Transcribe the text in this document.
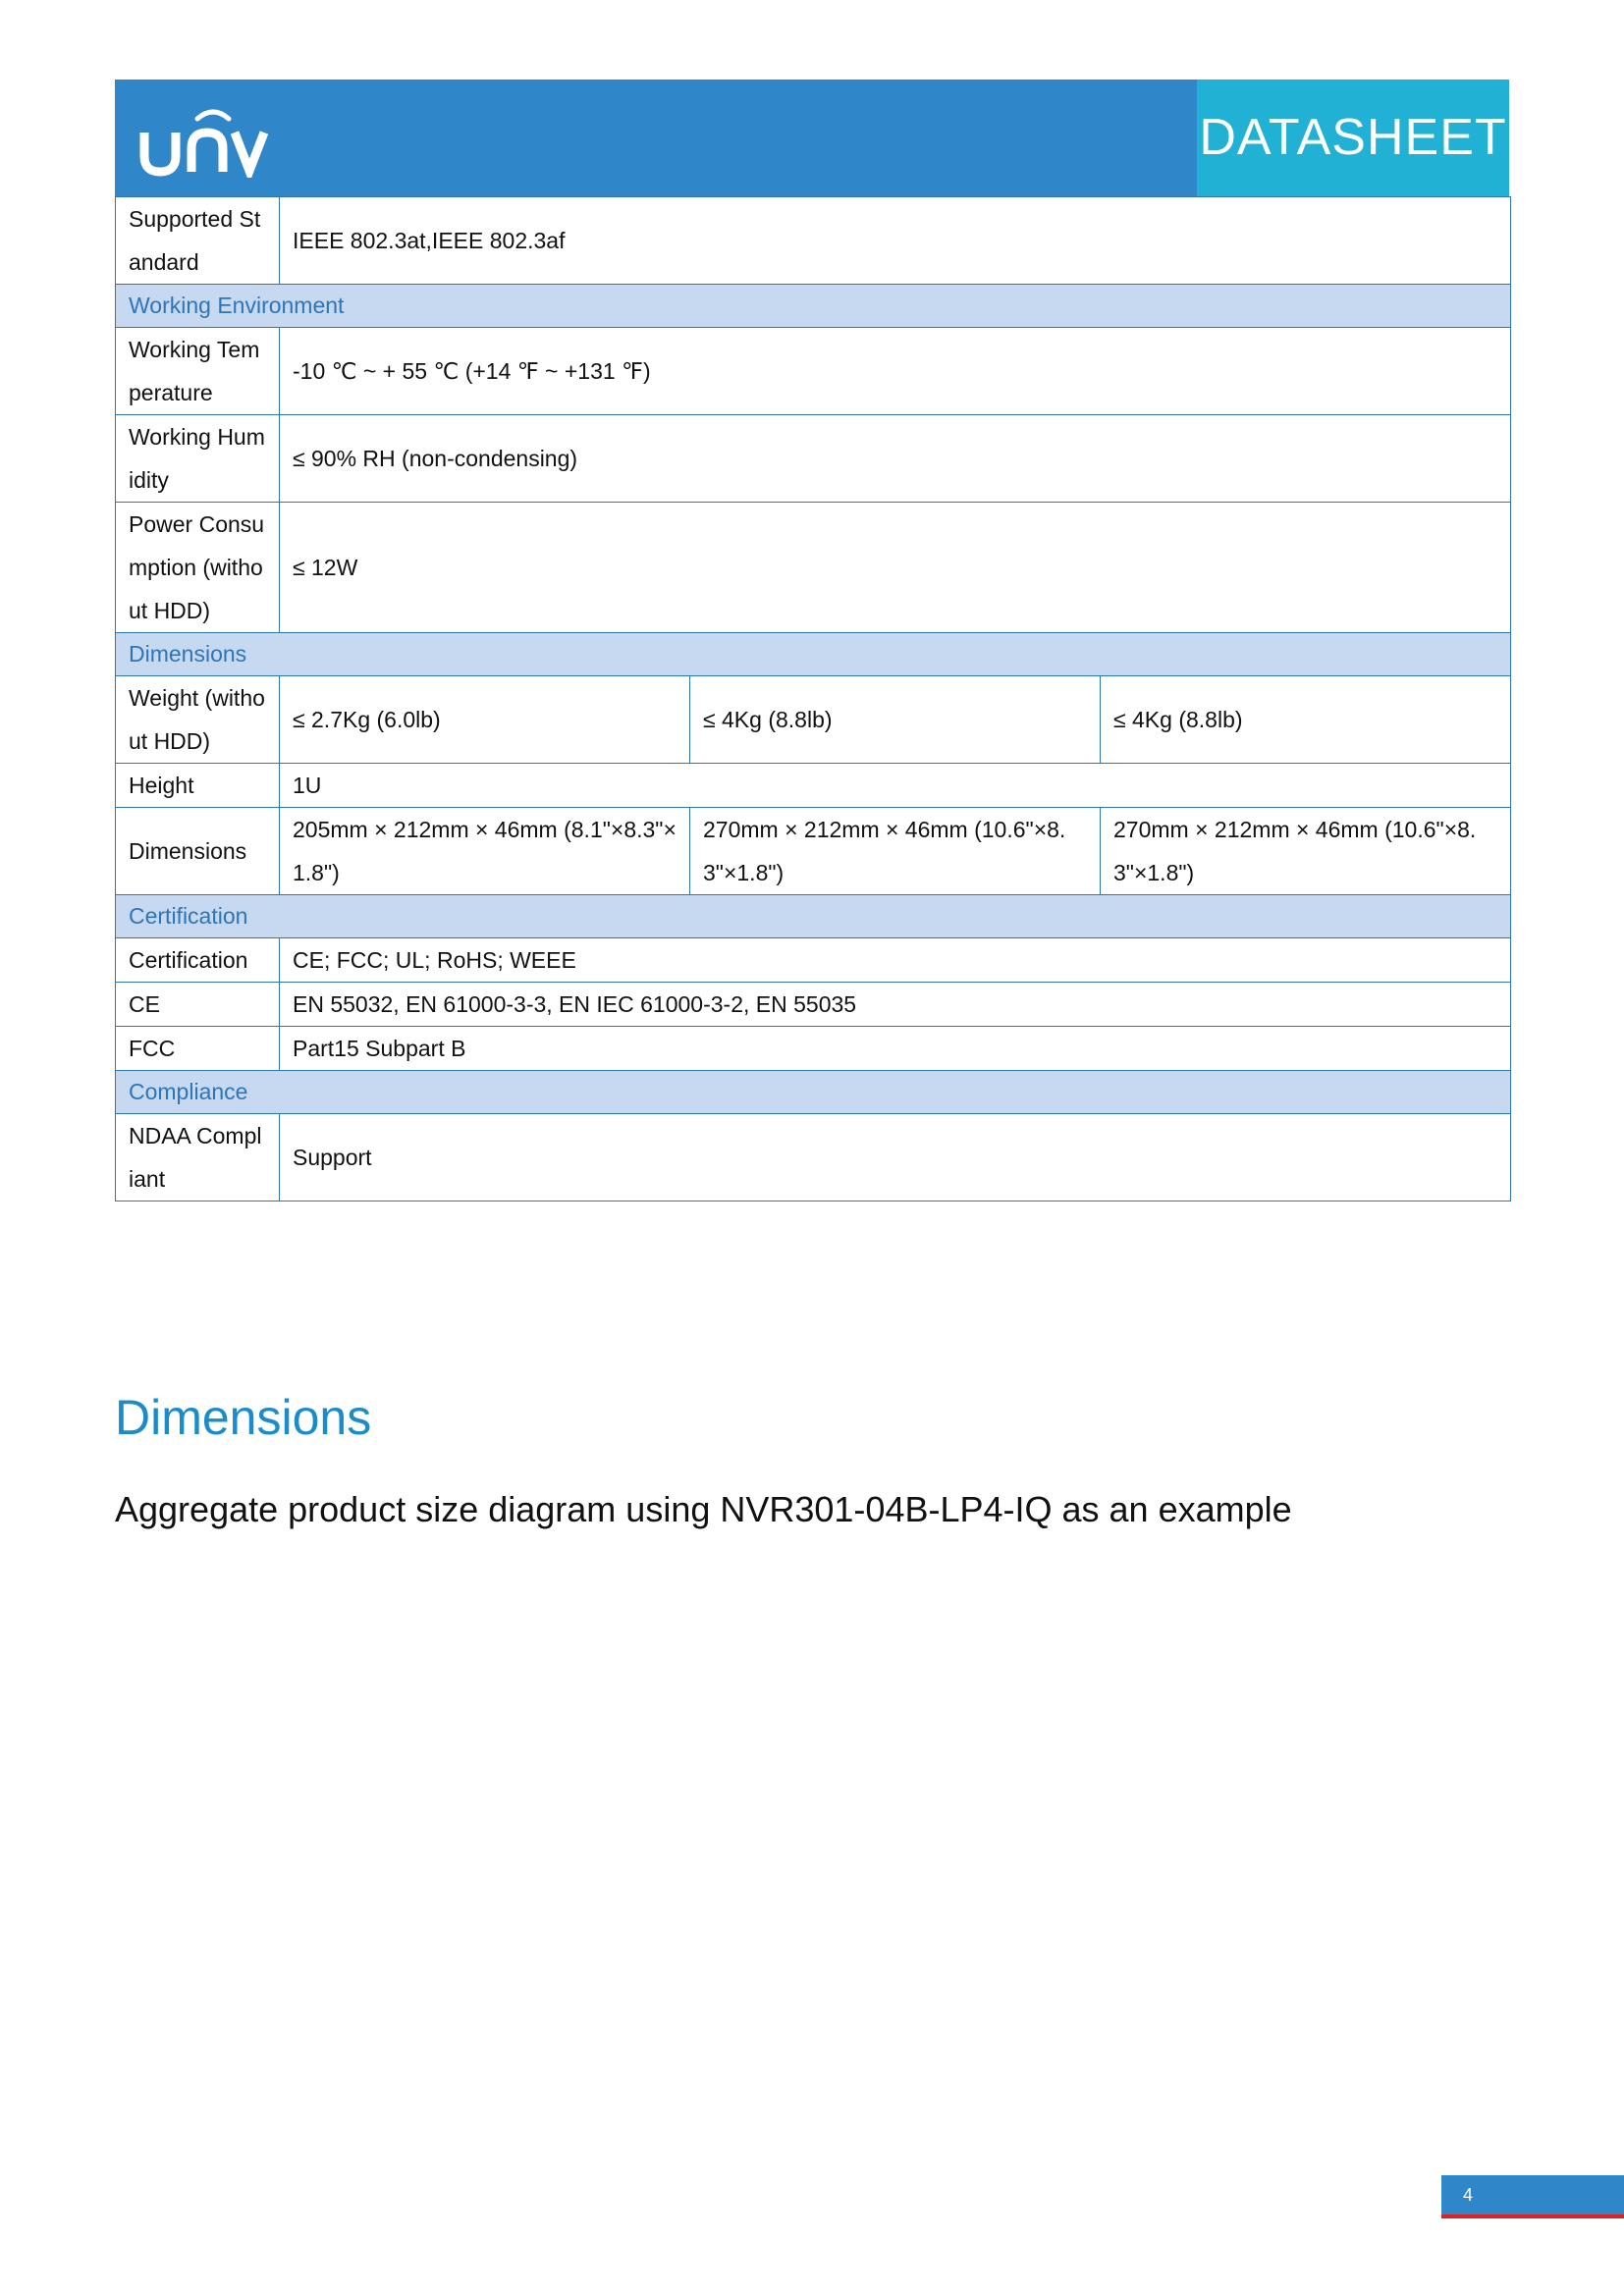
DATASHEET
Supported Standard	IEEE 802.3at,IEEE 802.3af		
Working Environment			
Working Temperature	-10 ℃ ~ + 55 ℃ (+14 ℉ ~ +131 ℉)		
Working Humidity	≤ 90% RH (non-condensing)		
Power Consumption (without HDD)	≤ 12W		
Dimensions			
Weight (without HDD)	≤ 2.7Kg (6.0lb)	≤ 4Kg (8.8lb)	≤ 4Kg (8.8lb)
Height	1U		
Dimensions	205mm × 212mm × 46mm (8.1"×8.3"×1.8")	270mm × 212mm × 46mm (10.6"×8.3"×1.8")	270mm × 212mm × 46mm (10.6"×8.3"×1.8")
Certification			
Certification	CE; FCC; UL; RoHS; WEEE		
CE	EN 55032, EN 61000-3-3, EN IEC 61000-3-2, EN 55035		
FCC	Part15 Subpart B		
Compliance			
NDAA Compliant	Support		
Dimensions

Aggregate product size diagram using NVR301-04B-LP4-IQ as an example

4
